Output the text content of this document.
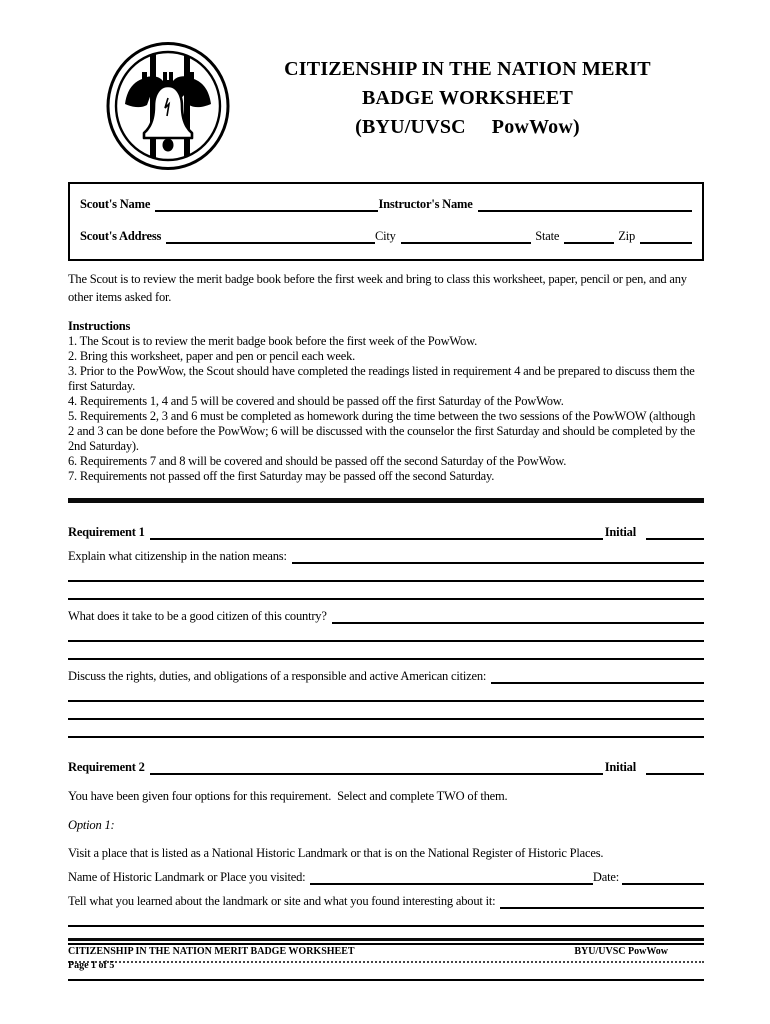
CITIZENSHIP IN THE NATION MERIT
BADGE WORKSHEET
(BYU/UVSC     PowWow)
Scout's Name	Instructor's Name
Scout's Address	City	State	Zip

The Scout is to review the merit badge book before the first week and bring to class this worksheet, paper, pencil or pen, and any other items asked for.

Instructions
1. The Scout is to review the merit badge book before the first week of the PowWow.
2. Bring this worksheet, paper and pen or pencil each week.
3. Prior to the PowWow, the Scout should have completed the readings listed in requirement 4 and be prepared to discuss them the first Saturday.
4. Requirements 1, 4 and 5 will be covered and should be passed off the first Saturday of the PowWow.
5. Requirements 2, 3 and 6 must be completed as homework during the time between the two sessions of the PowWOW (although 2 and 3 can be done before the PowWow; 6 will be discussed with the counselor the first Saturday and should be completed by the 2nd Saturday).
6. Requirements 7 and 8 will be covered and should be passed off the second Saturday of the PowWow.
7. Requirements not passed off the first Saturday may be passed off the second Saturday.
Requirement 1	Initial
Explain what citizenship in the nation means:
What does it take to be a good citizen of this country?
Discuss the rights, duties, and obligations of a responsible and active American citizen:
Requirement 2	Initial

You have been given four options for this requirement.  Select and complete TWO of them.

Option 1:
Visit a place that is listed as a National Historic Landmark or that is on the National Register of Historic Places.
Name of Historic Landmark or Place you visited:	Date:
Tell what you learned about the landmark or site and what you found interesting about it:
CITIZENSHIP IN THE NATION MERIT BADGE WORKSHEET	BYU/UVSC PowWow
Page 1 of 5
